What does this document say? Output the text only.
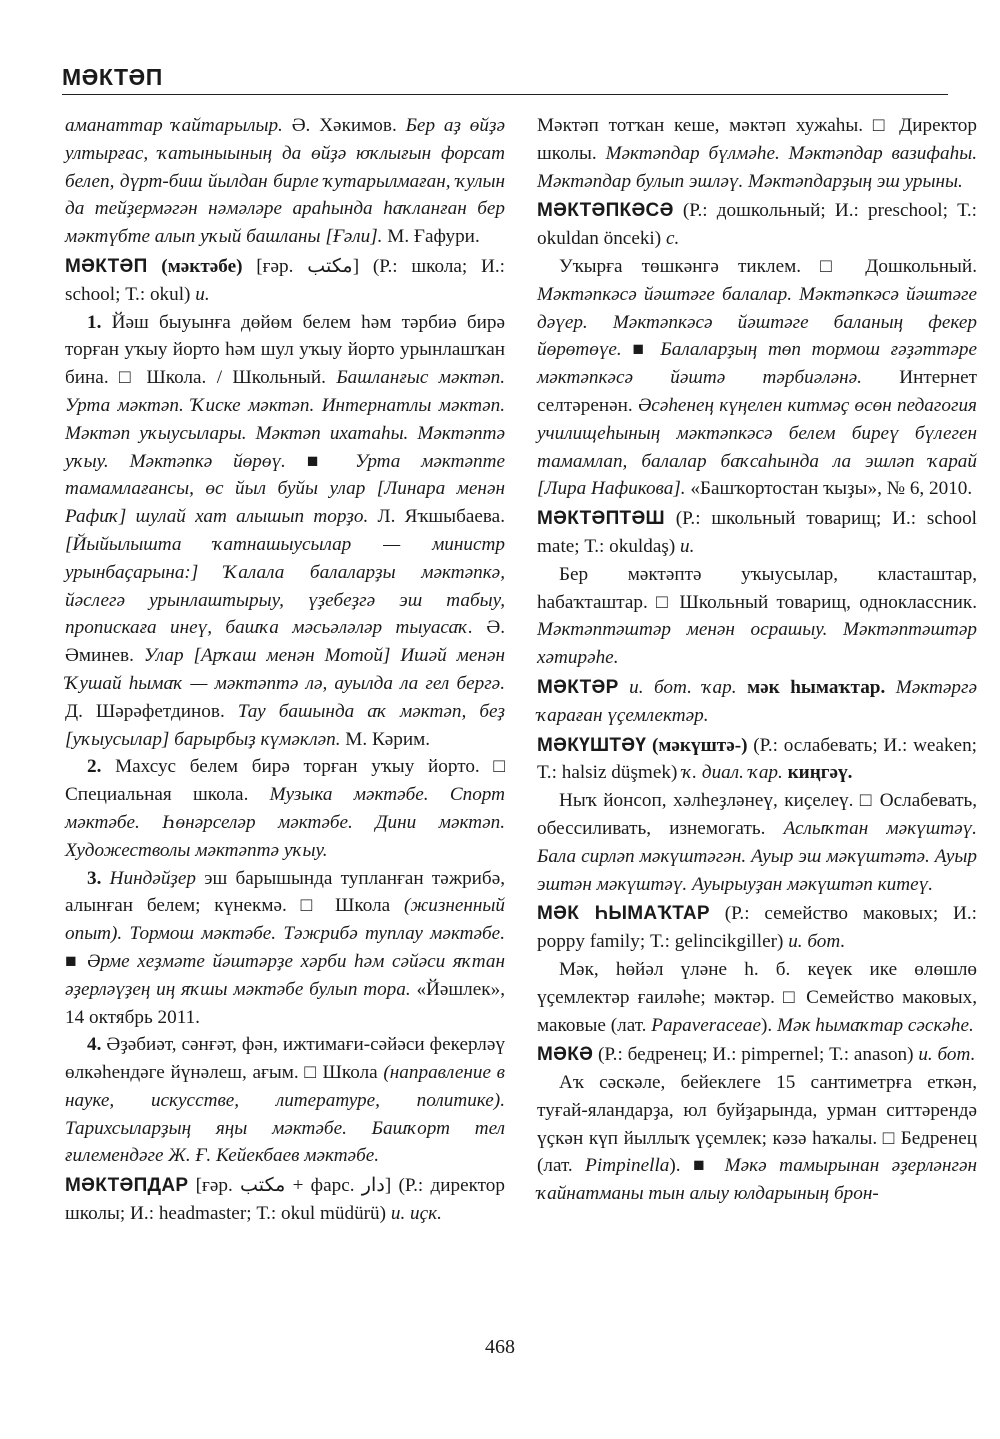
МӘКТӘП

аманаттар ҡайтарылыр. Ә. Хәкимов. Бер аҙ өйҙә ултырғас, ҡатыныының да өйҙә юҡлығын форсат белеп, дүрт-биш йылдан бирле ҡутарылмаған, ҡулын да тейҙермәгән нәмәләре араһында һаҡланған бер мәктүбте алып уҡый башланы [Ғәли]. М. Ғафури.

МӘКТӘП (мәктәбе) [ғәр. مكتب] (Р.: школа; И.: school; Т.: okul) и.

1. Йәш быуынға дөйөм белем һәм тәрбиә бирә торған уҡыу йорто һәм шул уҡыу йорто урынлашҡан бина. □ Школа. / Школьный. Башланғыс мәктәп. Урта мәктәп. Ҡиске мәктәп. Интернатлы мәктәп. Мәктәп уҡыусылары. Мәктәп ихатаһы. Мәктәптә уҡыу. Мәктәпкә йөрөү. ■ Урта мәктәпте тамамлағансы, өс йыл буйы улар [Линара менән Рафиҡ] шулай хат алышып торҙо. Л. Яҡшыбаева. [Йыйылышта ҡатнашыусылар — министр урынбаҫарына:] Ҡалала балаларҙы мәктәпкә, йәслегә урынлаштырыу, үҙебеҙгә эш табыу, пропискаға инеү, башҡа мәсьәләләр тыуасаҡ. Ә. Әминев. Улар [Арҡаш менән Мотой] Ишәй менән Ҡушай һымаҡ — мәктәптә лә, ауылда ла гел бергә. Д. Шәрәфетдинов. Тау башында аҡ мәктәп, беҙ [уҡыусылар] барырбыҙ күмәкләп. М. Кәрим.

2. Махсус белем бирә торған уҡыу йорто. □ Специальная школа. Музыка мәктәбе. Спорт мәктәбе. Һөнәрселәр мәктәбе. Дини мәктәп. Художестволы мәктәптә уҡыу.

3. Ниндәйҙер эш барышында тупланған тәжрибә, алынған белем; күнекмә. □ Школа (жизненный опыт). Тормош мәктәбе. Тәжрибә туплау мәктәбе. ■ Әрме хеҙмәте йәштәрҙе хәрби һәм сәйәси яҡтан әҙерләүҙең иң яҡшы мәктәбе булып тора. «Йәшлек», 14 октябрь 2011.

4. Әҙәбиәт, сәнғәт, фән, ижтимағи-сәйәси фекерләү өлкәһендәге йүнәлеш, ағым. □ Школа (направление в науке, искусстве, литературе, политике). Тарихсыларҙың яңы мәктәбе. Башҡорт тел ғилемендәге Ж. Ғ. Кейекбаев мәктәбе.

МӘКТӘПДАР [ғәр. مكتب + фарс. دار] (Р.: директор школы; И.: headmaster; Т.: okul müdürü) и. иҫк.

Мәктәп тотҡан кеше, мәктәп хужаһы. □ Директор школы. Мәктәпдар бүлмәһе. Мәктәпдар вазифаһы. Мәктәпдар булып эшләү. Мәктәпдарҙың эш урыны.

МӘКТӘПКӘСӘ (Р.: дошкольный; И.: preschool; Т.: okuldan önceki) с.

Уҡырға төшкәнгә тиклем. □ Дошкольный. Мәктәпкәсә йәштәге балалар. Мәктәпкәсә йәштәге дәүер. Мәктәпкәсә йәштәге баланың фекер йөрөтөүе. ■ Балаларҙың төп тормош ғәҙәттәре мәктәпкәсә йәштә тәрбиәләнә. Интернет селтәренән. Әсәһенең күңелен китмәҫ өсөн педагогия училищеһының мәктәпкәсә белем биреү бүлеген тамамлап, балалар баҡсаһында ла эшләп ҡарай [Лира Нафикова]. «Башҡортостан ҡыҙы», № 6, 2010.

МӘКТӘПТӘШ (Р.: школьный товарищ; И.: school mate; Т.: okuldaş) и.

Бер мәктәптә уҡыусылар, класташтар, һабаҡташтар. □ Школьный товарищ, одноклассник. Мәктәптәштәр менән осрашыу. Мәктәптәштәр хәтирәһе.

МӘКТӘР и. бот. ҡар. мәк һымаҡтар. Мәктәргә ҡараған үҫемлектәр.

МӘКҮШТӘҮ (мәкүштә-) (Р.: ослабевать; И.: weaken; Т.: halsiz düşmek) ҡ. диал. ҡар. киңгәү.

Ныҡ йонсоп, хәлһеҙләнеү, киҫелеү. □ Ослабевать, обессиливать, изнемогать. Аслыҡтан мәкүштәү. Бала сирләп мәкүштәгән. Ауыр эш мәкүштәтә. Ауыр эштән мәкүштәү. Ауырыуҙан мәкүштәп китеү.

МӘК ҺЫМАҠТАР (Р.: семейство маковых; И.: poppy family; Т.: gelincikgiller) и. бот.

Мәк, һөйәл үләне һ. б. кеүек ике өлөшлө үҫемлектәр ғаиләһе; мәктәр. □ Семейство маковых, маковые (лат. Papaveraceae). Мәк һымаҡтар сәскәһе.

МӘКӘ (Р.: бедренец; И.: pimpernel; Т.: anason) и. бот.

Аҡ сәскәле, бейеклеге 15 сантиметрға еткән, туғай-яландарҙа, юл буйҙарында, урман ситтәрендә үҫкән күп йыллыҡ үҫемлек; кәзә һаҡалы. □ Бедренец (лат. Pimpinella). ■ Мәкә тамырынан әҙерләнгән ҡайнатманы тын алыу юлдарының брон-

468
